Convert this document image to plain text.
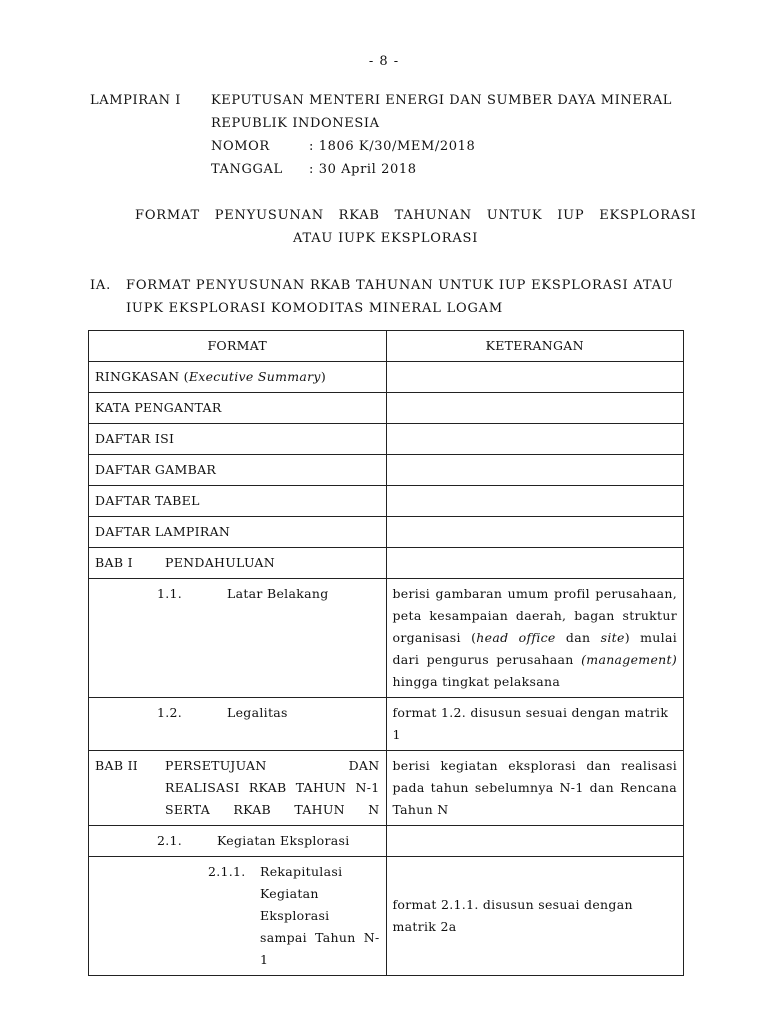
- 8 -
LAMPIRAN I KEPUTUSAN MENTERI ENERGI DAN SUMBER DAYA MINERAL
REPUBLIK INDONESIA
NOMOR	: 1806 K/30/MEM/2018
TANGGAL : 30 April 2018
FORMAT   PENYUSUNAN   RKAB   TAHUNAN   UNTUK   IUP   EKSPLORASI
ATAU IUPK EKSPLORASI
IA. FORMAT PENYUSUNAN RKAB TAHUNAN UNTUK IUP EKSPLORASI ATAU
IUPK EKSPLORASI KOMODITAS MINERAL LOGAM
FORMAT	KETERANGAN
RINGKASAN (Executive Summary)	
KATA PENGANTAR	
DAFTAR ISI	
DAFTAR GAMBAR	
DAFTAR TABEL	
DAFTAR LAMPIRAN	

BAB I PENDAHULUAN	

1.1. Latar Belakang	berisi gambaran umum profil perusahaan, peta kesampaian daerah, bagan struktur organisasi (head office dan site) mulai dari pengurus perusahaan (management) hingga tingkat pelaksana

1.2. Legalitas	format 1.2. disusun sesuai dengan matrik 1

BAB II PERSETUJUAN DAN REALISASI RKAB TAHUN N-1 SERTA RKAB TAHUN N	berisi kegiatan eksplorasi dan realisasi pada tahun sebelumnya N-1 dan Rencana Tahun N

2.1. Kegiatan Eksplorasi	

2.1.1. Rekapitulasi Kegiatan Eksplorasi sampai Tahun N-1	format 2.1.1. disusun sesuai dengan matrik 2a
